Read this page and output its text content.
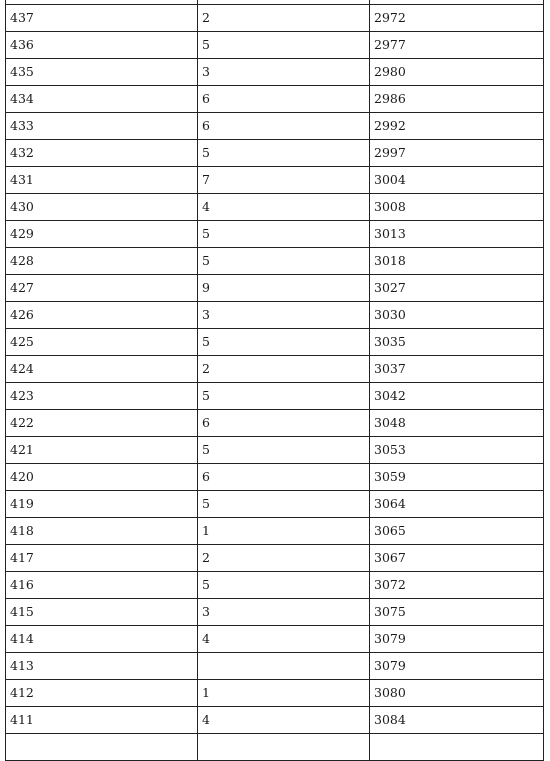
437	2	2972
436	5	2977
435	3	2980
434	6	2986
433	6	2992
432	5	2997
431	7	3004
430	4	3008
429	5	3013
428	5	3018
427	9	3027
426	3	3030
425	5	3035
424	2	3037
423	5	3042
422	6	3048
421	5	3053
420	6	3059
419	5	3064
418	1	3065
417	2	3067
416	5	3072
415	3	3075
414	4	3079
413		3079
412	1	3080
411	4	3084
